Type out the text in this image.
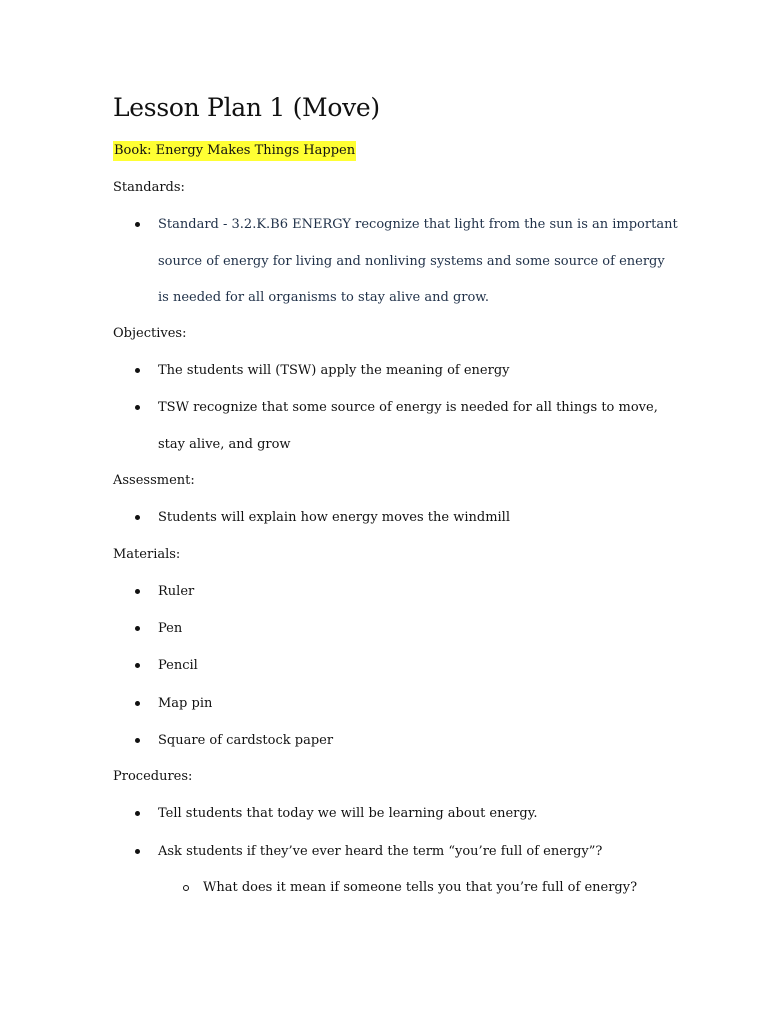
Lesson Plan 1 (Move)
Book: Energy Makes Things Happen
Standards:
Standard - 3.2.K.B6 ENERGY recognize that light from the sun is an important
source of energy for living and nonliving systems and some source of energy
is needed for all organisms to stay alive and grow.
Objectives:
The students will (TSW) apply the meaning of energy
TSW recognize that some source of energy is needed for all things to move,
stay alive, and grow
Assessment:
Students will explain how energy moves the windmill
Materials:
Ruler
Pen
Pencil
Map pin
Square of cardstock paper
Procedures:
Tell students that today we will be learning about energy.
Ask students if they’ve ever heard the term “you’re full of energy”?
What does it mean if someone tells you that you’re full of energy?
